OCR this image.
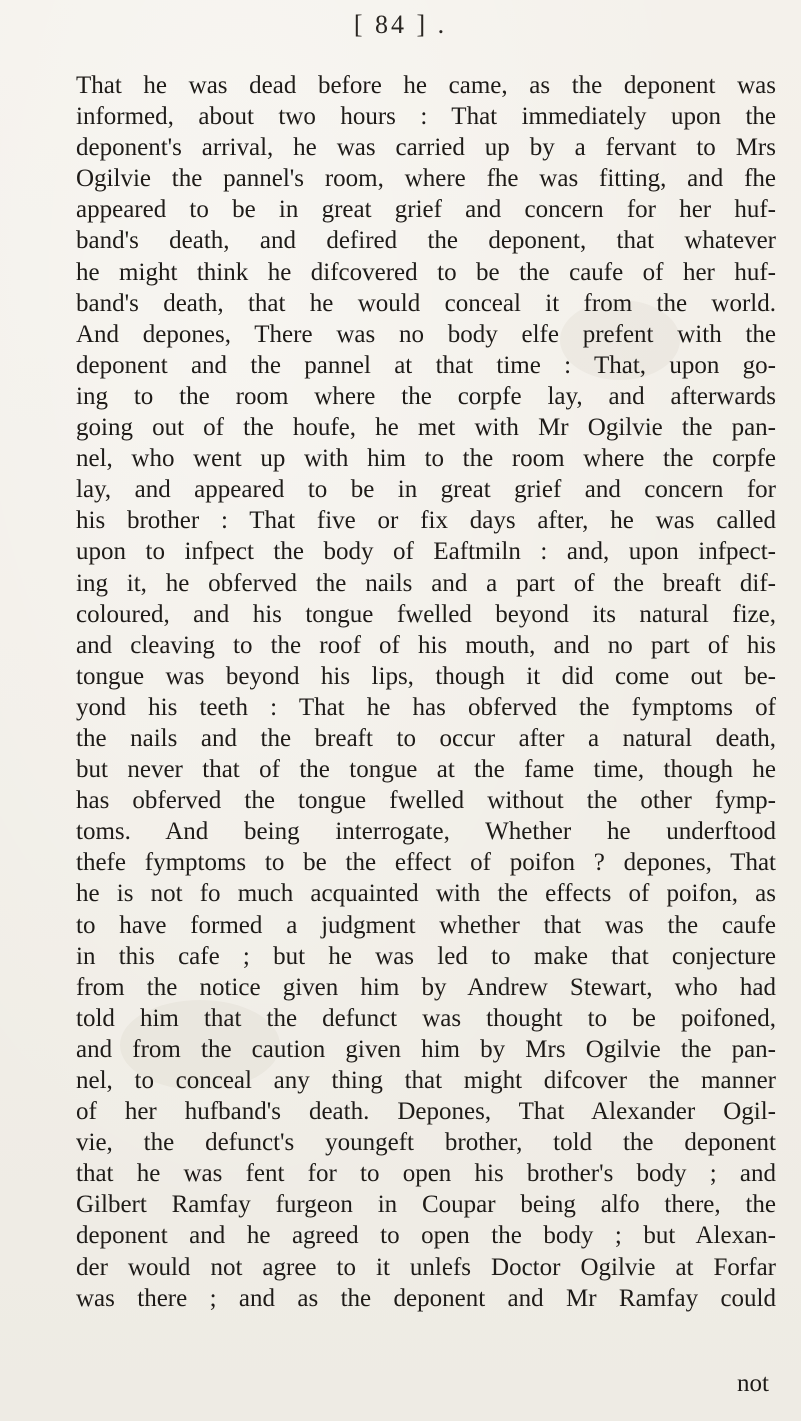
[ 84 ] .
That he was dead before he came, as the deponent was
informed, about two hours : That immediately upon the
deponent's arrival, he was carried up by a fervant to Mrs
Ogilvie the pannel's room, where fhe was fitting, and fhe
appeared to be in great grief and concern for her huf-
band's death, and defired the deponent, that whatever
he might think he difcovered to be the caufe of her huf-
band's death, that he would conceal it from the world.
And depones, There was no body elfe prefent with the
deponent and the pannel at that time : That, upon go-
ing to the room where the corpfe lay, and afterwards
going out of the houfe, he met with Mr Ogilvie the pan-
nel, who went up with him to the room where the corpfe
lay, and appeared to be in great grief and concern for
his brother : That five or fix days after, he was called
upon to infpect the body of Eaftmiln : and, upon infpect-
ing it, he obferved the nails and a part of the breaft dif-
coloured, and his tongue fwelled beyond its natural fize,
and cleaving to the roof of his mouth, and no part of his
tongue was beyond his lips, though it did come out be-
yond his teeth : That he has obferved the fymptoms of
the nails and the breaft to occur after a natural death,
but never that of the tongue at the fame time, though he
has obferved the tongue fwelled without the other fymp-
toms. And being interrogate, Whether he underftood
thefe fymptoms to be the effect of poifon ? depones, That
he is not fo much acquainted with the effects of poifon, as
to have formed a judgment whether that was the caufe
in this cafe ; but he was led to make that conjecture
from the notice given him by Andrew Stewart, who had
told him that the defunct was thought to be poifoned,
and from the caution given him by Mrs Ogilvie the pan-
nel, to conceal any thing that might difcover the manner
of her hufband's death. Depones, That Alexander Ogil-
vie, the defunct's youngeft brother, told the deponent
that he was fent for to open his brother's body ; and
Gilbert Ramfay furgeon in Coupar being alfo there, the
deponent and he agreed to open the body ; but Alexan-
der would not agree to it unlefs Doctor Ogilvie at Forfar
was there ; and as the deponent and Mr Ramfay could
not
